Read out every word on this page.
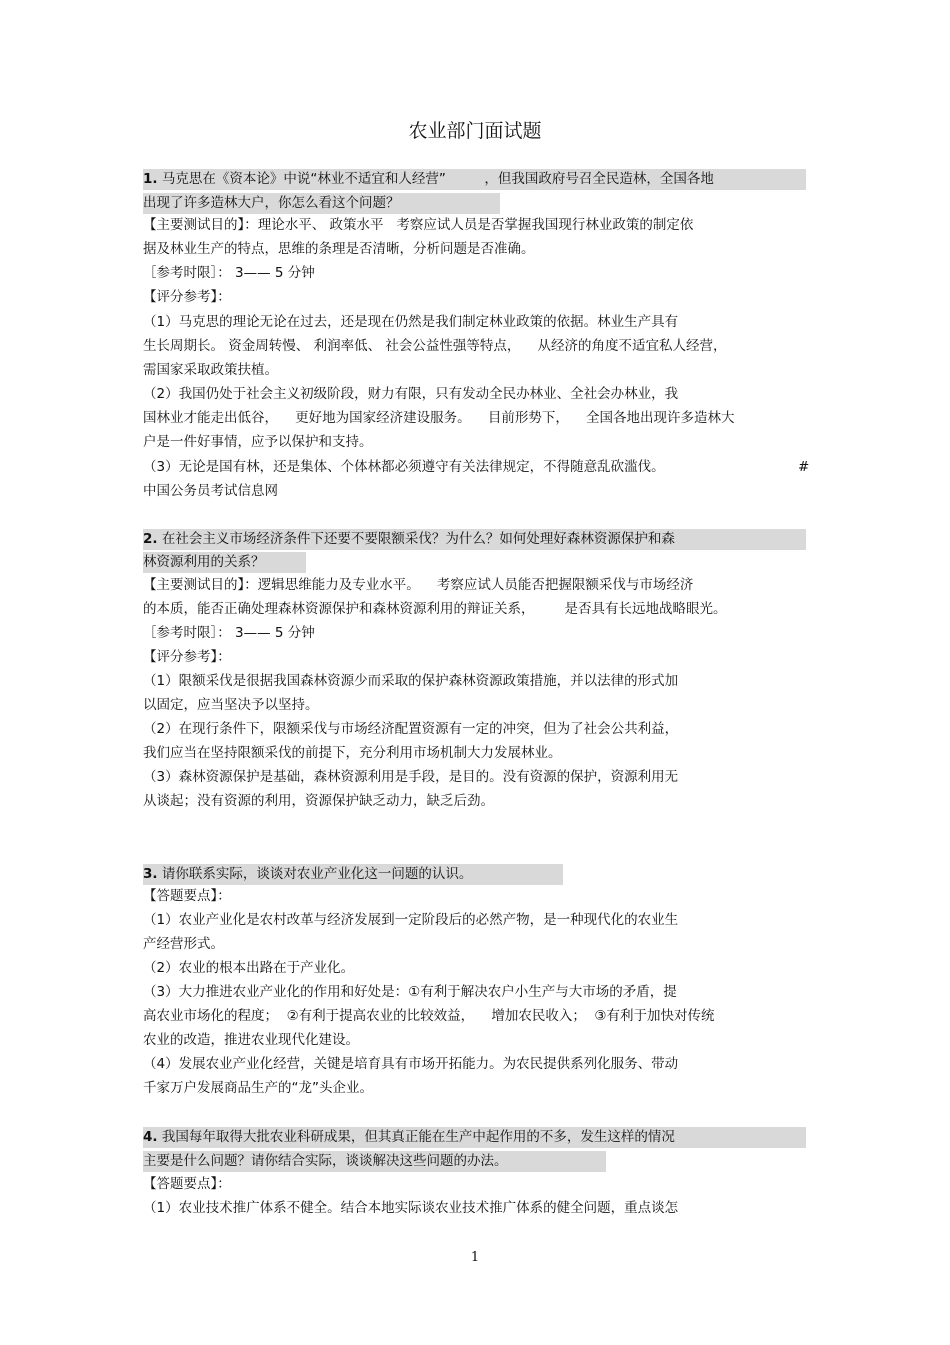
农业部门面试题
1. 马克思在《资本论》中说“林业不适宜和人经营”         ，但我国政府号召全民造林，全国各地
出现了许多造林大户，你怎么看这个问题？
【主要测试目的】：理论水平、 政策水平   考察应试人员是否掌握我国现行林业政策的制定依
据及林业生产的特点，思维的条理是否清晰，分析问题是否准确。
［参考时限］： 3—— 5 分钟
【评分参考】：
（1）马克思的理论无论在过去，还是现在仍然是我们制定林业政策的依据。林业生产具有
生长周期长。 资金周转慢、 利润率低、 社会公益性强等特点，    从经济的角度不适宜私人经营，
需国家采取政策扶植。
（2）我国仍处于社会主义初级阶段，财力有限，只有发动全民办林业、全社会办林业，我
国林业才能走出低谷，    更好地为国家经济建设服务。    目前形势下，    全国各地出现许多造林大
户是一件好事情，应予以保护和支持。
（3）无论是国有林，还是集体、个体林都必须遵守有关法律规定，不得随意乱砍滥伐。	#
中国公务员考试信息网
2. 在社会主义市场经济条件下还要不要限额采伐？为什么？如何处理好森林资源保护和森
林资源利用的关系？
【主要测试目的】：逻辑思维能力及专业水平。    考察应试人员能否把握限额采伐与市场经济
的本质，能否正确处理森林资源保护和森林资源利用的辩证关系，       是否具有长远地战略眼光。
［参考时限］： 3—— 5 分钟
【评分参考】：
（1）限额采伐是很据我国森林资源少而采取的保护森林资源政策措施，并以法律的形式加
以固定，应当坚决予以坚持。
（2）在现行条件下，限额采伐与市场经济配置资源有一定的冲突，但为了社会公共利益，
我们应当在坚持限额采伐的前提下，充分利用市场机制大力发展林业。
（3）森林资源保护是基础，森林资源利用是手段，是目的。没有资源的保护，资源利用无
从谈起；没有资源的利用，资源保护缺乏动力，缺乏后劲。
3. 请你联系实际，谈谈对农业产业化这一问题的认识。
【答题要点】：
（1）农业产业化是农村改革与经济发展到一定阶段后的必然产物，是一种现代化的农业生
产经营形式。
（2）农业的根本出路在于产业化。
（3）大力推进农业产业化的作用和好处是：①有利于解决农户小生产与大市场的矛盾，提
高农业市场化的程度；  ②有利于提高农业的比较效益，    增加农民收入；  ③有利于加快对传统
农业的改造，推进农业现代化建设。
（4）发展农业产业化经营，关键是培育具有市场开拓能力。为农民提供系列化服务、带动
千家万户发展商品生产的“龙”头企业。
4. 我国每年取得大批农业科研成果，但其真正能在生产中起作用的不多，发生这样的情况
主要是什么问题？请你结合实际，谈谈解决这些问题的办法。
【答题要点】：
（1）农业技术推广体系不健全。结合本地实际谈农业技术推广体系的健全问题，重点谈怎
1
